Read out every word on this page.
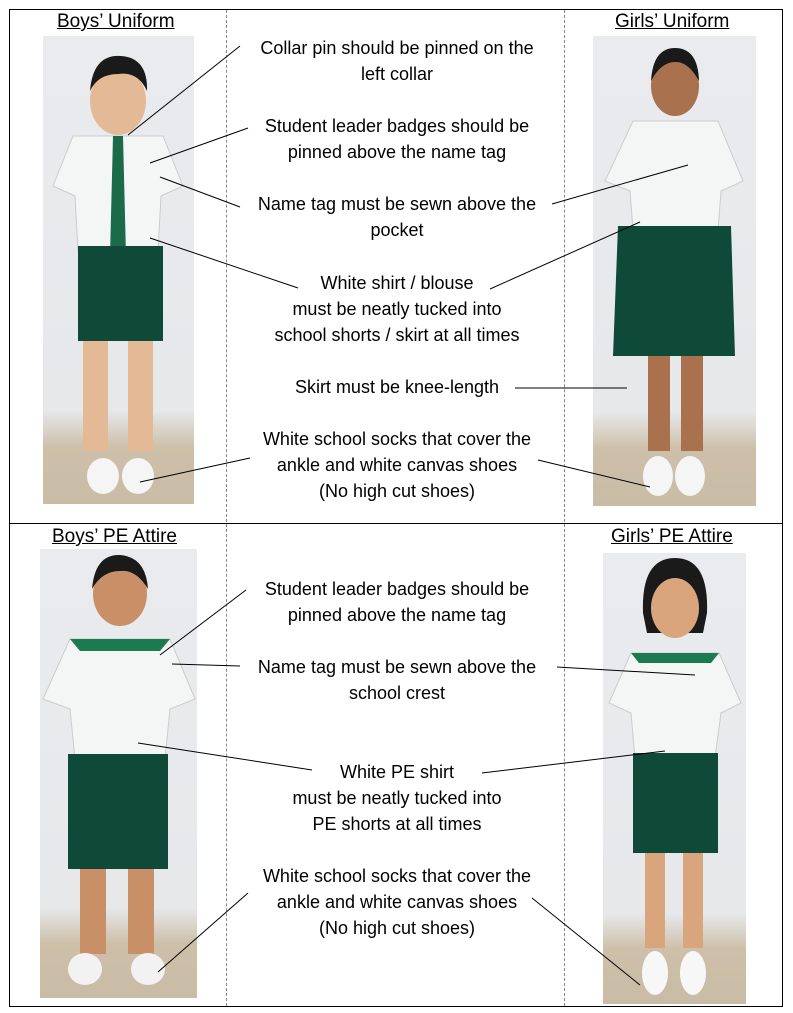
Boys’ Uniform	Girls’ Uniform
Boys’ PE Attire	Girls’ PE Attire
Collar pin should be pinned on the
left collar
Student leader badges should be
pinned above the name tag
Name tag must be sewn above the
pocket
White shirt / blouse
must be neatly tucked into
school shorts / skirt at all times
Skirt must be knee-length
White school socks that cover the
ankle and white canvas shoes
(No high cut shoes)
Student leader badges should be
pinned above the name tag
Name tag must be sewn above the
school crest
White PE shirt
must be neatly tucked into
PE shorts at all times
White school socks that cover the
ankle and white canvas shoes
(No high cut shoes)
